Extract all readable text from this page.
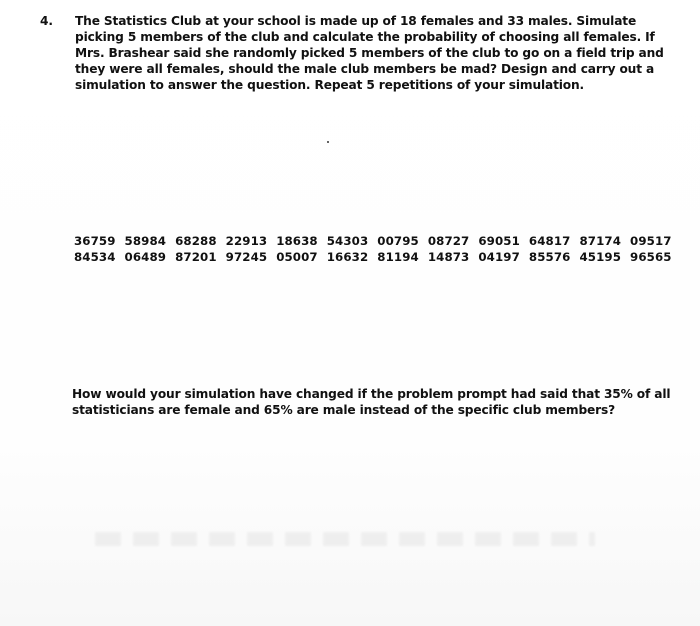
4.	The Statistics Club at your school is made up of 18 females and 33 males. Simulate picking 5 members of the club and calculate the probability of choosing all females. If Mrs. Brashear said she randomly picked 5 members of the club to go on a field trip and they were all females, should the male club members be mad? Design and carry out a simulation to answer the question. Repeat 5 repetitions of your simulation.
36759 58984 68288 22913 18638 54303 00795 08727 69051 64817 87174 09517
84534 06489 87201 97245 05007 16632 81194 14873 04197 85576 45195 96565
How would your simulation have changed if the problem prompt had said that 35% of all statisticians are female and 65% are male instead of the specific club members?
